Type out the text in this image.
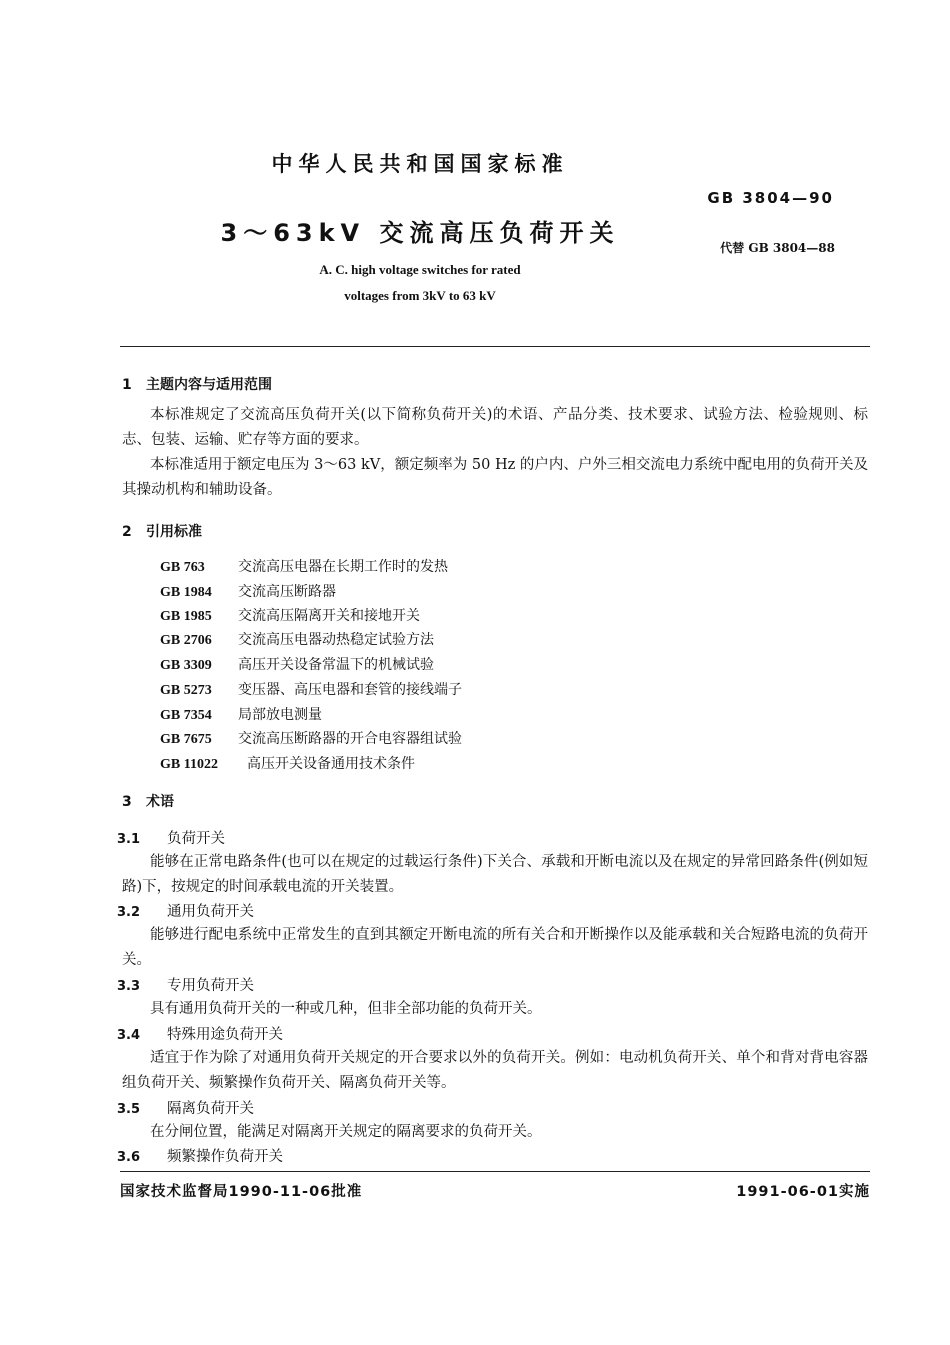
中华人民共和国国家标准
GB 3804—90
3～63kV 交流高压负荷开关
代替 GB 3804—88
A. C. high voltage switches for rated
voltages from 3kV to 63 kV
1 主题内容与适用范围
本标准规定了交流高压负荷开关(以下简称负荷开关)的术语、产品分类、技术要求、试验方法、检验规则、标志、包装、运输、贮存等方面的要求。
本标准适用于额定电压为 3～63 kV，额定频率为 50 Hz 的户内、户外三相交流电力系统中配电用的负荷开关及其操动机构和辅助设备。
2 引用标准
GB 763 交流高压电器在长期工作时的发热
GB 1984 交流高压断路器
GB 1985 交流高压隔离开关和接地开关
GB 2706 交流高压电器动热稳定试验方法
GB 3309 高压开关设备常温下的机械试验
GB 5273 变压器、高压电器和套管的接线端子
GB 7354 局部放电测量
GB 7675 交流高压断路器的开合电容器组试验
GB 11022 高压开关设备通用技术条件
3 术语
3.1 负荷开关
能够在正常电路条件(也可以在规定的过载运行条件)下关合、承载和开断电流以及在规定的异常回路条件(例如短路)下，按规定的时间承载电流的开关装置。
3.2 通用负荷开关
能够进行配电系统中正常发生的直到其额定开断电流的所有关合和开断操作以及能承载和关合短路电流的负荷开关。
3.3 专用负荷开关
具有通用负荷开关的一种或几种，但非全部功能的负荷开关。
3.4 特殊用途负荷开关
适宜于作为除了对通用负荷开关规定的开合要求以外的负荷开关。例如：电动机负荷开关、单个和背对背电容器组负荷开关、频繁操作负荷开关、隔离负荷开关等。
3.5 隔离负荷开关
在分闸位置，能满足对隔离开关规定的隔离要求的负荷开关。
3.6 频繁操作负荷开关
国家技术监督局1990-11-06批准	1991-06-01实施
